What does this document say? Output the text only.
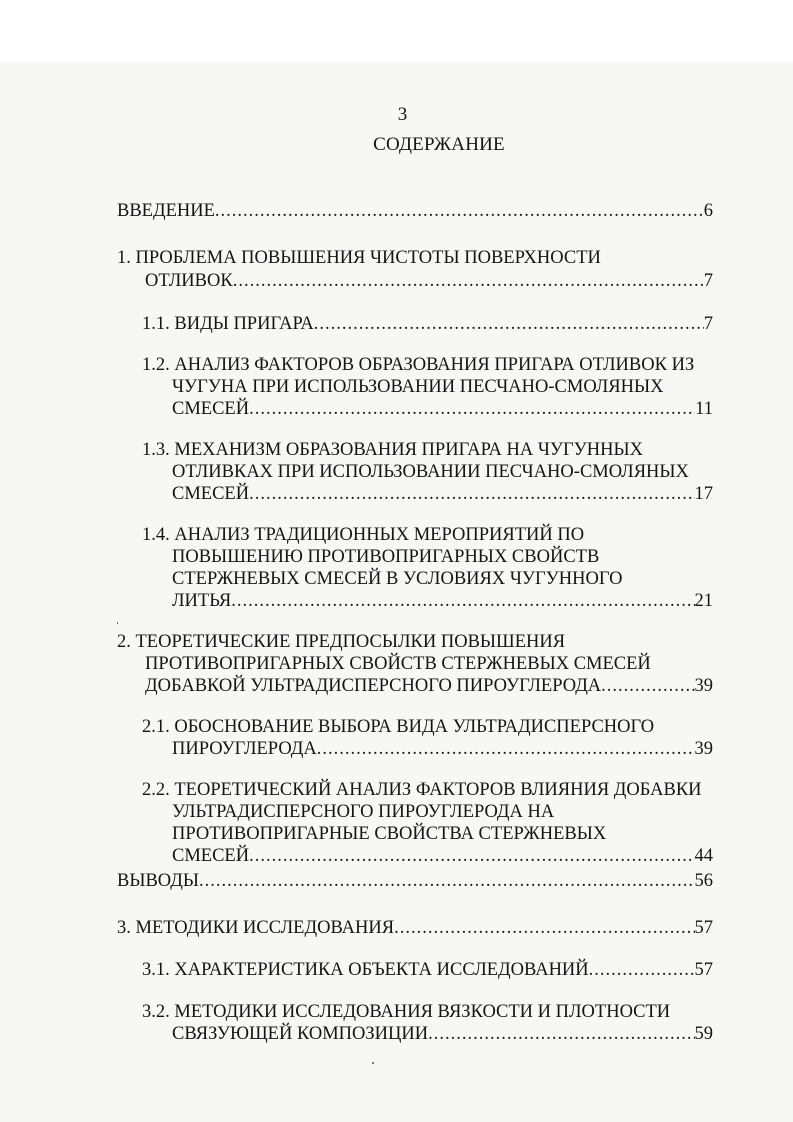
3
СОДЕРЖАНИЕ
ВВЕДЕНИЕ .....	6
1. ПРОБЛЕМА ПОВЫШЕНИЯ ЧИСТОТЫ ПОВЕРХНОСТИ
ОТЛИВОК .....	7
1.1. ВИДЫ ПРИГАРА .....	7
1.2. АНАЛИЗ ФАКТОРОВ ОБРАЗОВАНИЯ ПРИГАРА ОТЛИВОК ИЗ
ЧУГУНА ПРИ ИСПОЛЬЗОВАНИИ ПЕСЧАНО-СМОЛЯНЫХ
СМЕСЕЙ .....	11
1.3. МЕХАНИЗМ ОБРАЗОВАНИЯ ПРИГАРА НА ЧУГУННЫХ
ОТЛИВКАХ ПРИ ИСПОЛЬЗОВАНИИ ПЕСЧАНО-СМОЛЯНЫХ
СМЕСЕЙ .....	17
1.4. АНАЛИЗ ТРАДИЦИОННЫХ МЕРОПРИЯТИЙ ПО
ПОВЫШЕНИЮ ПРОТИВОПРИГАРНЫХ СВОЙСТВ
СТЕРЖНЕВЫХ СМЕСЕЙ В УСЛОВИЯХ ЧУГУННОГО
ЛИТЬЯ .....	21
2. ТЕОРЕТИЧЕСКИЕ ПРЕДПОСЫЛКИ ПОВЫШЕНИЯ
ПРОТИВОПРИГАРНЫХ СВОЙСТВ СТЕРЖНЕВЫХ СМЕСЕЙ
ДОБАВКОЙ УЛЬТРАДИСПЕРСНОГО ПИРОУГЛЕРОДА .....	39
2.1. ОБОСНОВАНИЕ ВЫБОРА ВИДА УЛЬТРАДИСПЕРСНОГО
ПИРОУГЛЕРОДА .....	39
2.2. ТЕОРЕТИЧЕСКИЙ АНАЛИЗ ФАКТОРОВ ВЛИЯНИЯ ДОБАВКИ
УЛЬТРАДИСПЕРСНОГО ПИРОУГЛЕРОДА НА
ПРОТИВОПРИГАРНЫЕ СВОЙСТВА СТЕРЖНЕВЫХ
СМЕСЕЙ .....	44
ВЫВОДЫ .....	56
3. МЕТОДИКИ ИССЛЕДОВАНИЯ .....	57
3.1. ХАРАКТЕРИСТИКА ОБЪЕКТА ИССЛЕДОВАНИЙ .....	57
3.2. МЕТОДИКИ ИССЛЕДОВАНИЯ ВЯЗКОСТИ И ПЛОТНОСТИ
СВЯЗУЮЩЕЙ КОМПОЗИЦИИ .....	59
